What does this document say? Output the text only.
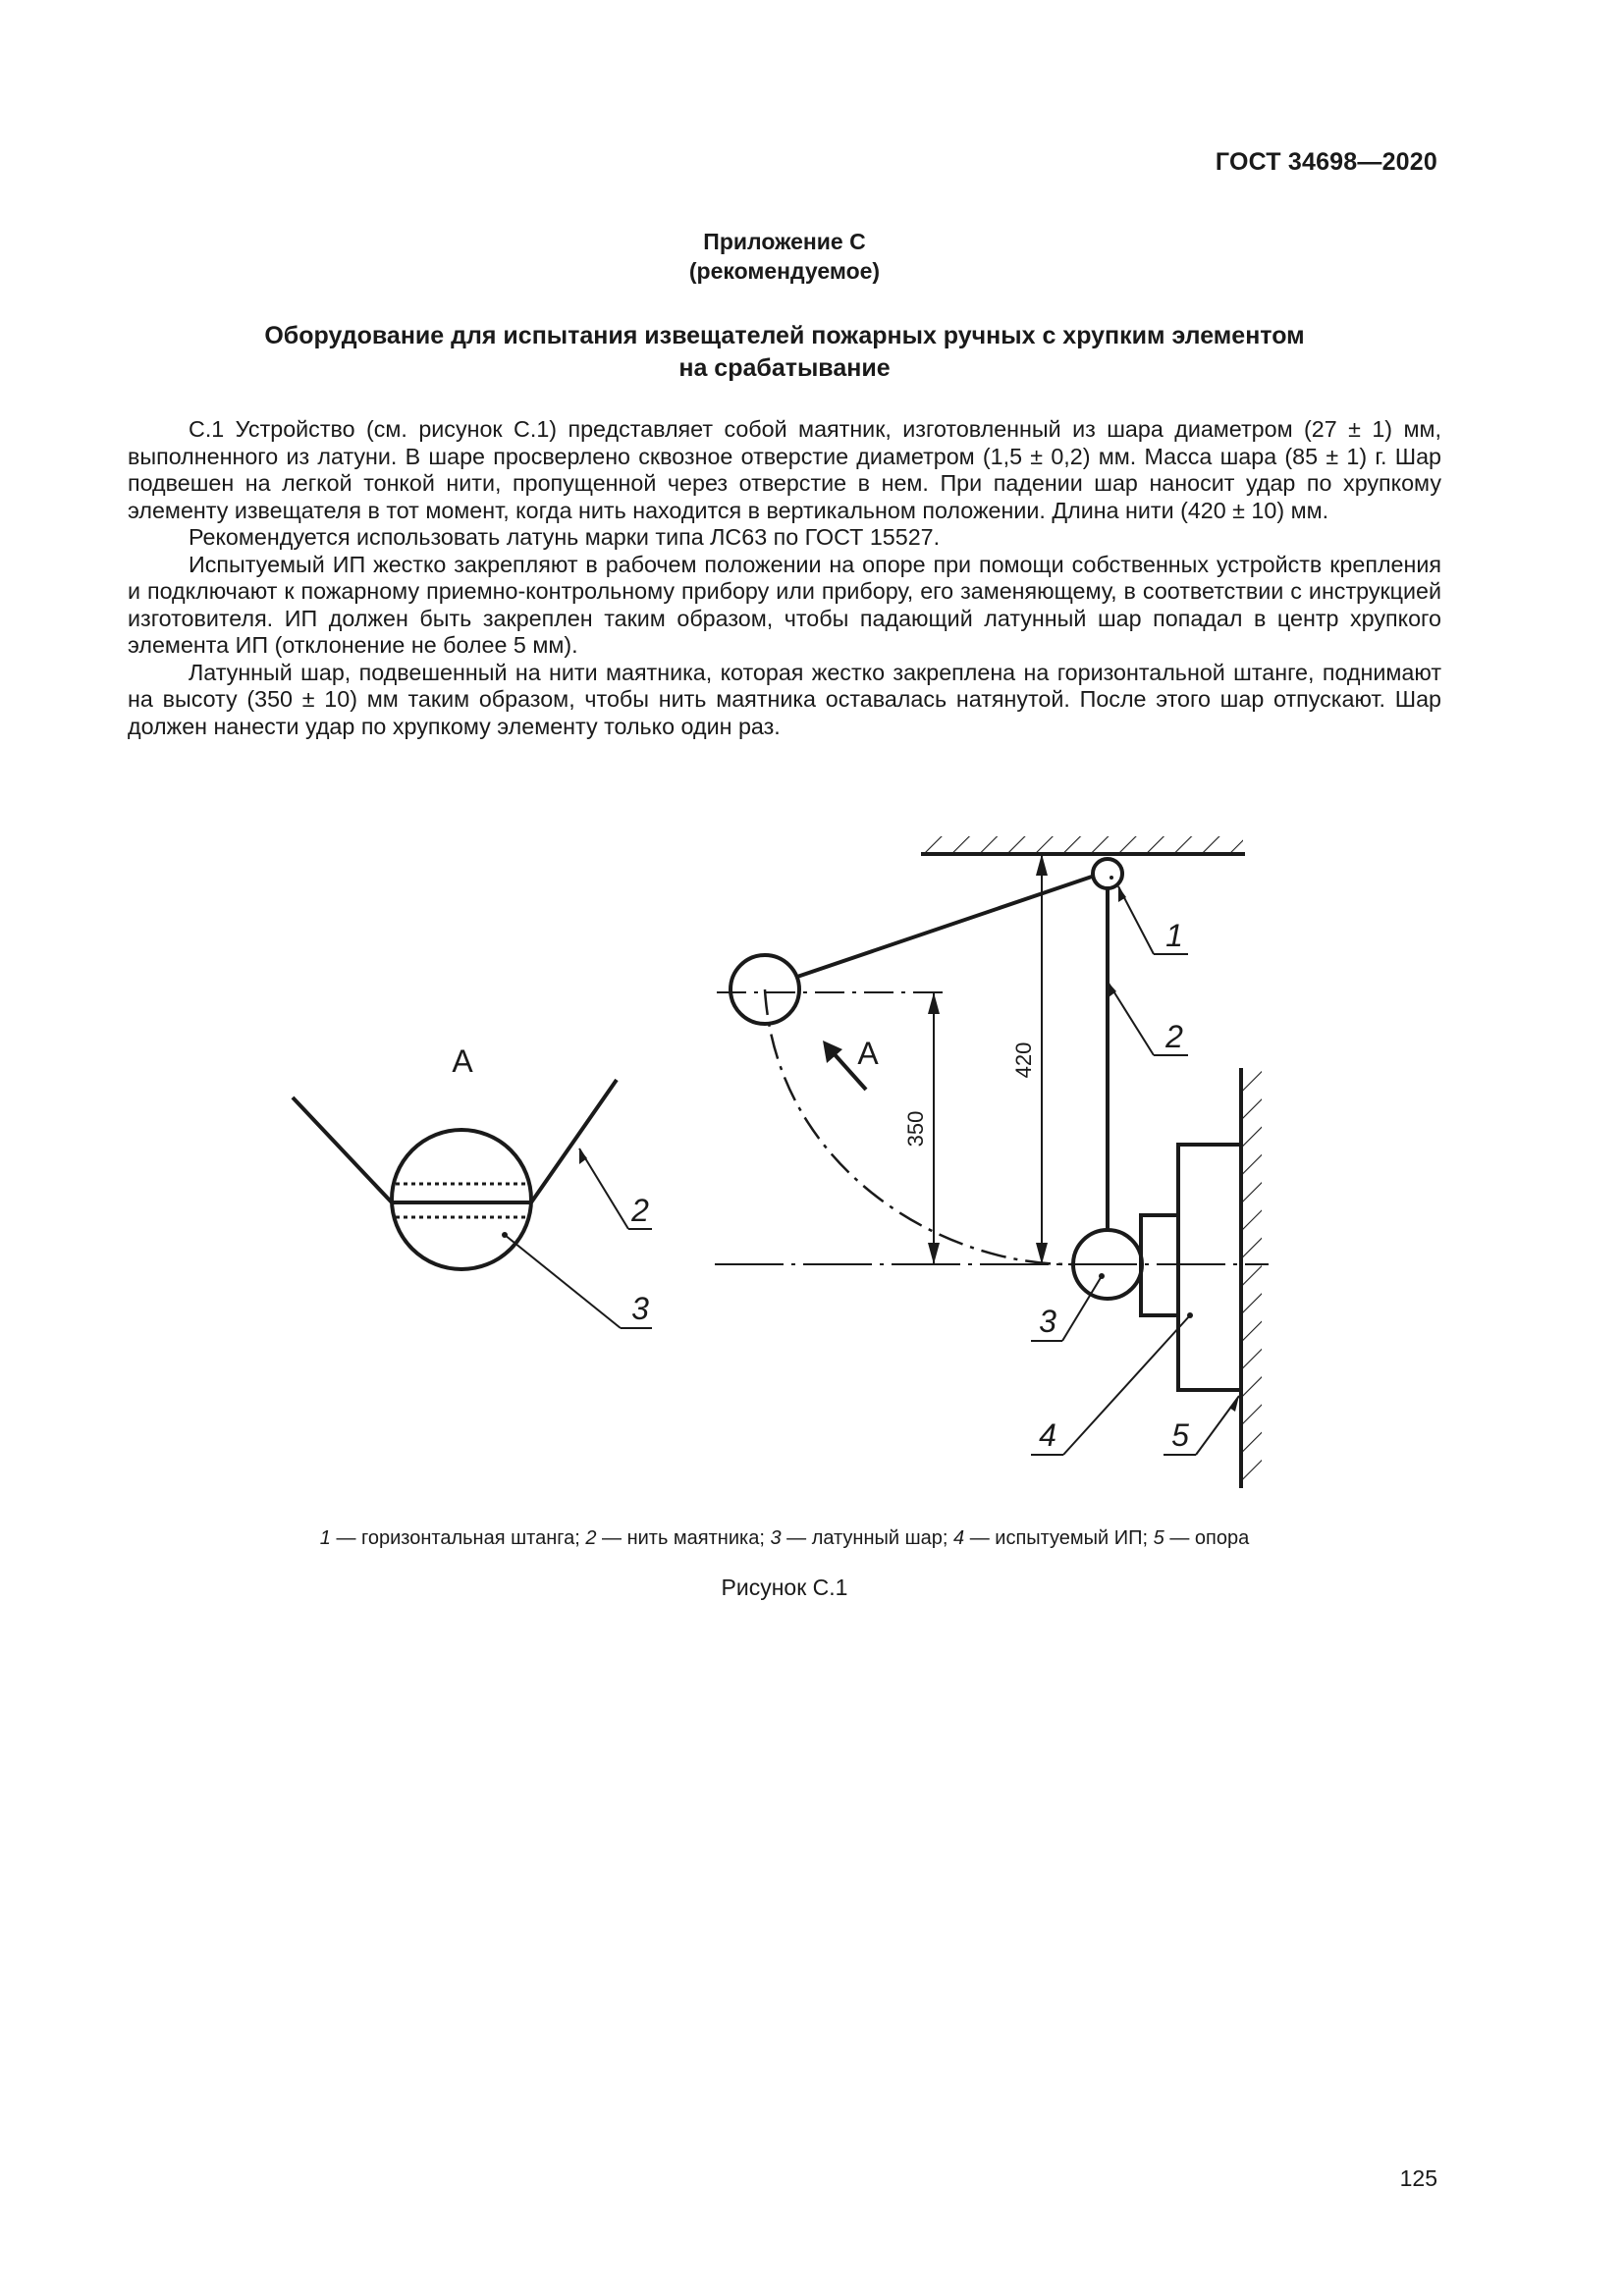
ГОСТ 34698—2020
Приложение С
(рекомендуемое)
Оборудование для испытания извещателей пожарных ручных с хрупким элементом
на срабатывание

С.1 Устройство (см. рисунок С.1) представляет собой маятник, изготовленный из шара диаметром (27 ± 1) мм, выполненного из латуни. В шаре просверлено сквозное отверстие диаметром (1,5 ± 0,2) мм. Масса шара (85 ± 1) г. Шар подвешен на легкой тонкой нити, пропущенной через отверстие в нем. При падении шар наносит удар по хрупкому элементу извещателя в тот момент, когда нить находится в вертикальном положении. Длина нити (420 ± 10) мм.

Рекомендуется использовать латунь марки типа ЛС63 по ГОСТ 15527.

Испытуемый ИП жестко закрепляют в рабочем положении на опоре при помощи собственных устройств крепления и подключают к пожарному приемно-контрольному прибору или прибору, его заменяющему, в соответствии с инструкцией изготовителя. ИП должен быть закреплен таким образом, чтобы падающий латунный шар попадал в центр хрупкого элемента ИП (отклонение не более 5 мм).

Латунный шар, подвешенный на нити маятника, которая жестко закреплена на горизонтальной штанге, поднимают на высоту (350 ± 10) мм таким образом, чтобы нить маятника оставалась натянутой. После этого шар отпускают. Шар должен нанести удар по хрупкому элементу только один раз.

А
2
3
350
420
А
1
2
3
4	5
1 — горизонтальная штанга; 2 — нить маятника; 3 — латунный шар; 4 — испытуемый ИП; 5 — опора
Рисунок С.1
125
